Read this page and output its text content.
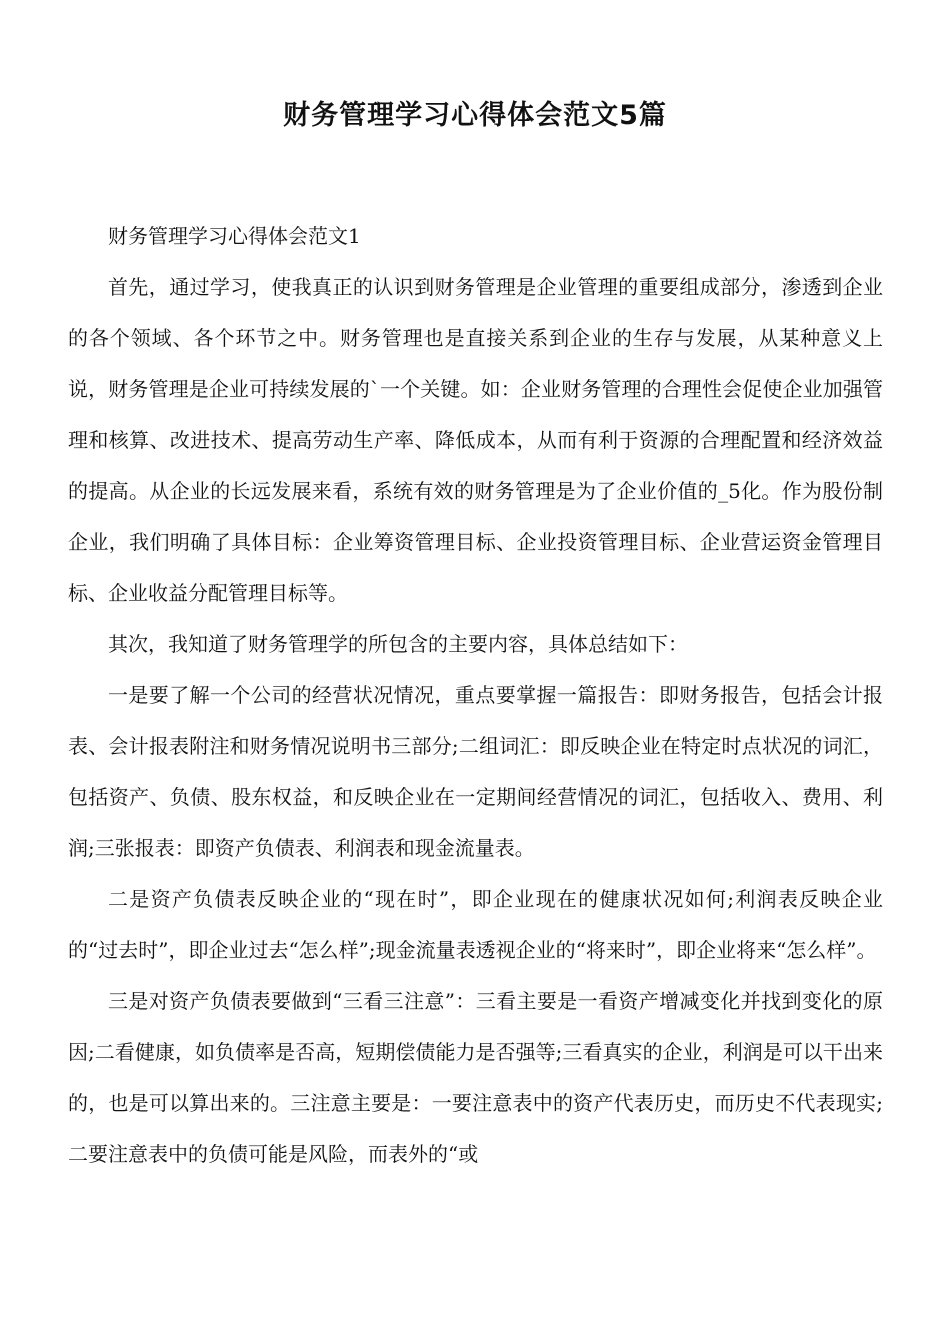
财务管理学习心得体会范文5篇

财务管理学习心得体会范文1

首先，通过学习，使我真正的认识到财务管理是企业管理的重要组成部分，渗透到企业的各个领域、各个环节之中。财务管理也是直接关系到企业的生存与发展，从某种意义上说，财务管理是企业可持续发展的`一个关键。如：企业财务管理的合理性会促使企业加强管理和核算、改进技术、提高劳动生产率、降低成本，从而有利于资源的合理配置和经济效益的提高。从企业的长远发展来看，系统有效的财务管理是为了企业价值的_5化。作为股份制企业，我们明确了具体目标：企业筹资管理目标、企业投资管理目标、企业营运资金管理目标、企业收益分配管理目标等。

其次，我知道了财务管理学的所包含的主要内容，具体总结如下：

一是要了解一个公司的经营状况情况，重点要掌握一篇报告：即财务报告，包括会计报表、会计报表附注和财务情况说明书三部分;二组词汇：即反映企业在特定时点状况的词汇，包括资产、负债、股东权益，和反映企业在一定期间经营情况的词汇，包括收入、费用、利润;三张报表：即资产负债表、利润表和现金流量表。

二是资产负债表反映企业的“现在时”，即企业现在的健康状况如何;利润表反映企业的“过去时”，即企业过去“怎么样”;现金流量表透视企业的“将来时”，即企业将来“怎么样”。

三是对资产负债表要做到“三看三注意”：三看主要是一看资产增减变化并找到变化的原因;二看健康，如负债率是否高，短期偿债能力是否强等;三看真实的企业，利润是可以干出来的，也是可以算出来的。三注意主要是：一要注意表中的资产代表历史，而历史不代表现实;二要注意表中的负债可能是风险，而表外的“或
